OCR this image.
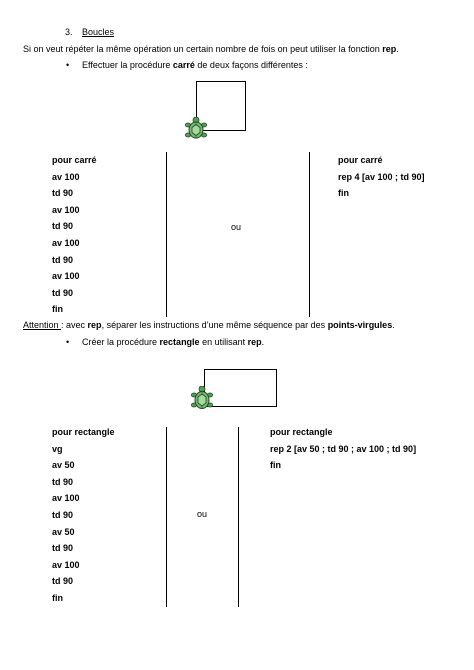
3. Boucles
Si on veut répéter la même opération un certain nombre de fois on peut utiliser la fonction rep.
• Effectuer la procédure carré de deux façons différentes :
pour carré
av 100
td 90
av 100
td 90
av 100
td 90
av 100
td 90
fin
ou
pour carré
rep 4 [av 100 ; td 90]
fin
Attention : avec rep, séparer les instructions d’une même séquence par des points-virgules.
• Créer la procédure rectangle en utilisant rep.
pour rectangle
vg
av 50
td 90
av 100
td 90
av 50
td 90
av 100
td 90
fin
ou
pour rectangle
rep 2 [av 50 ; td 90 ; av 100 ; td 90]
fin
